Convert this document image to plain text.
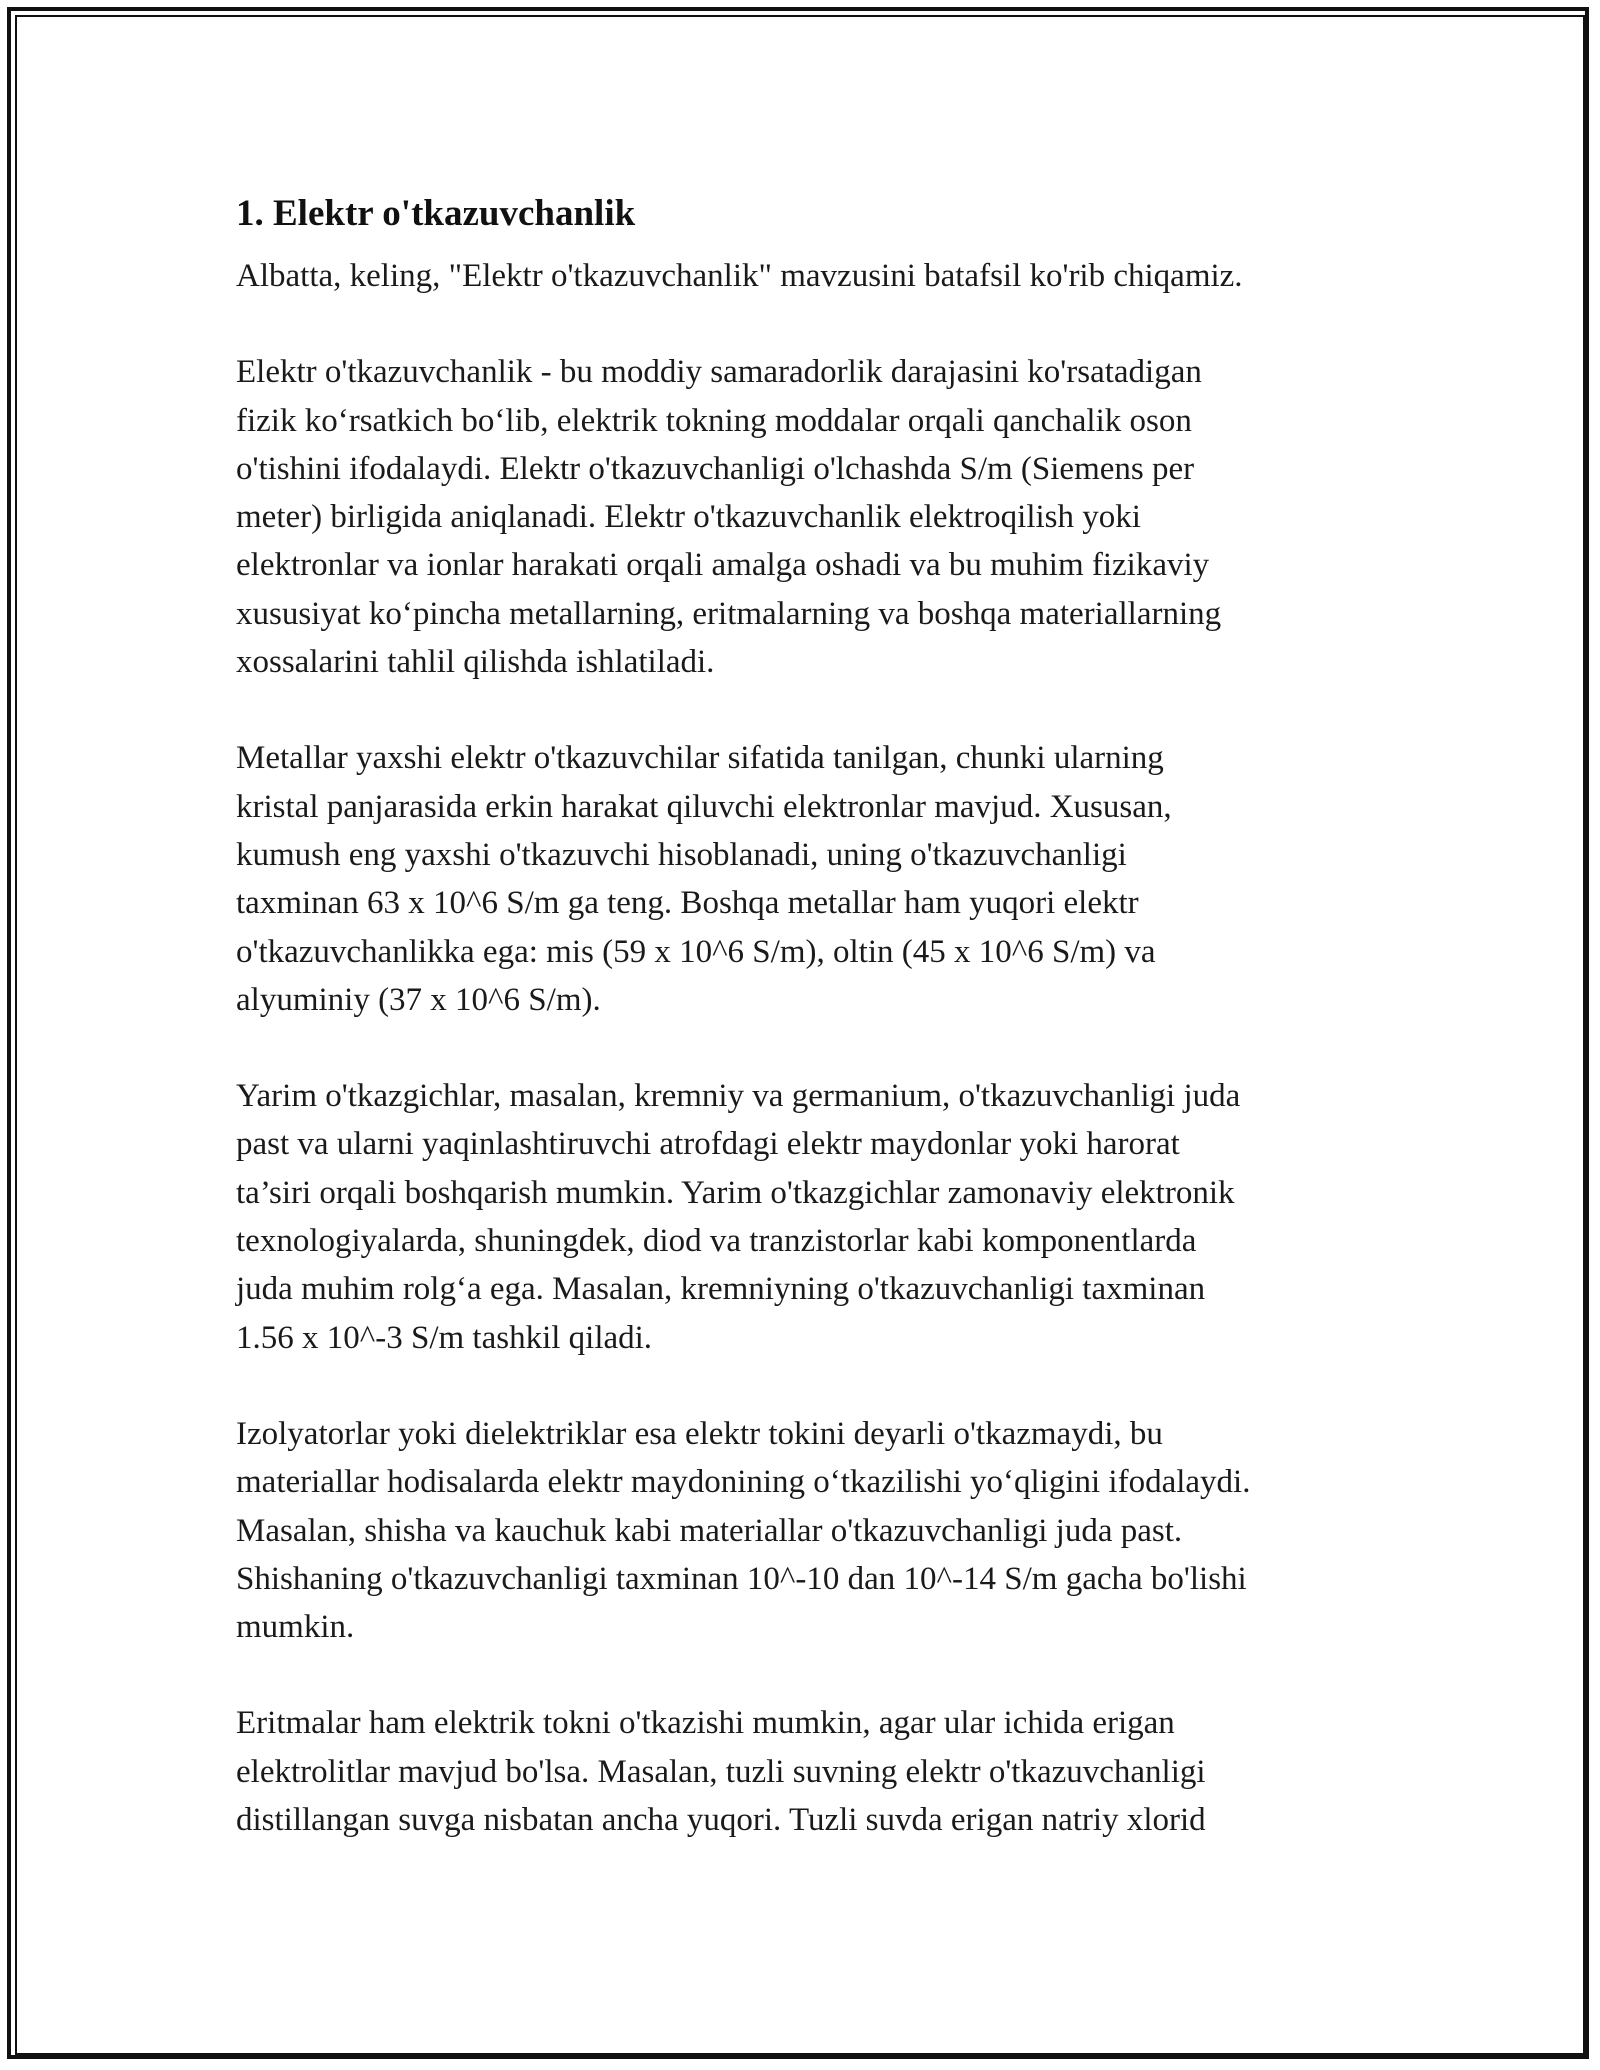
1. Elektr o'tkazuvchanlik

Albatta, keling, "Elektr o'tkazuvchanlik" mavzusini batafsil ko'rib chiqamiz.

Elektr o'tkazuvchanlik - bu moddiy samaradorlik darajasini ko'rsatadigan
fizik ko‘rsatkich bo‘lib, elektrik tokning moddalar orqali qanchalik oson
o'tishini ifodalaydi. Elektr o'tkazuvchanligi o'lchashda S/m (Siemens per
meter) birligida aniqlanadi. Elektr o'tkazuvchanlik elektroqilish yoki
elektronlar va ionlar harakati orqali amalga oshadi va bu muhim fizikaviy
xususiyat ko‘pincha metallarning, eritmalarning va boshqa materiallarning
xossalarini tahlil qilishda ishlatiladi.

Metallar yaxshi elektr o'tkazuvchilar sifatida tanilgan, chunki ularning
kristal panjarasida erkin harakat qiluvchi elektronlar mavjud. Xususan,
kumush eng yaxshi o'tkazuvchi hisoblanadi, uning o'tkazuvchanligi
taxminan 63 x 10^6 S/m ga teng. Boshqa metallar ham yuqori elektr
o'tkazuvchanlikka ega: mis (59 x 10^6 S/m), oltin (45 x 10^6 S/m) va
alyuminiy (37 x 10^6 S/m).

Yarim o'tkazgichlar, masalan, kremniy va germanium, o'tkazuvchanligi juda
past va ularni yaqinlashtiruvchi atrofdagi elektr maydonlar yoki harorat
ta’siri orqali boshqarish mumkin. Yarim o'tkazgichlar zamonaviy elektronik
texnologiyalarda, shuningdek, diod va tranzistorlar kabi komponentlarda
juda muhim rolg‘a ega. Masalan, kremniyning o'tkazuvchanligi taxminan
1.56 x 10^-3 S/m tashkil qiladi.

Izolyatorlar yoki dielektriklar esa elektr tokini deyarli o'tkazmaydi, bu
materiallar hodisalarda elektr maydonining o‘tkazilishi yo‘qligini ifodalaydi.
Masalan, shisha va kauchuk kabi materiallar o'tkazuvchanligi juda past.
Shishaning o'tkazuvchanligi taxminan 10^-10 dan 10^-14 S/m gacha bo'lishi
mumkin.

Eritmalar ham elektrik tokni o'tkazishi mumkin, agar ular ichida erigan
elektrolitlar mavjud bo'lsa. Masalan, tuzli suvning elektr o'tkazuvchanligi
distillangan suvga nisbatan ancha yuqori. Tuzli suvda erigan natriy xlorid
